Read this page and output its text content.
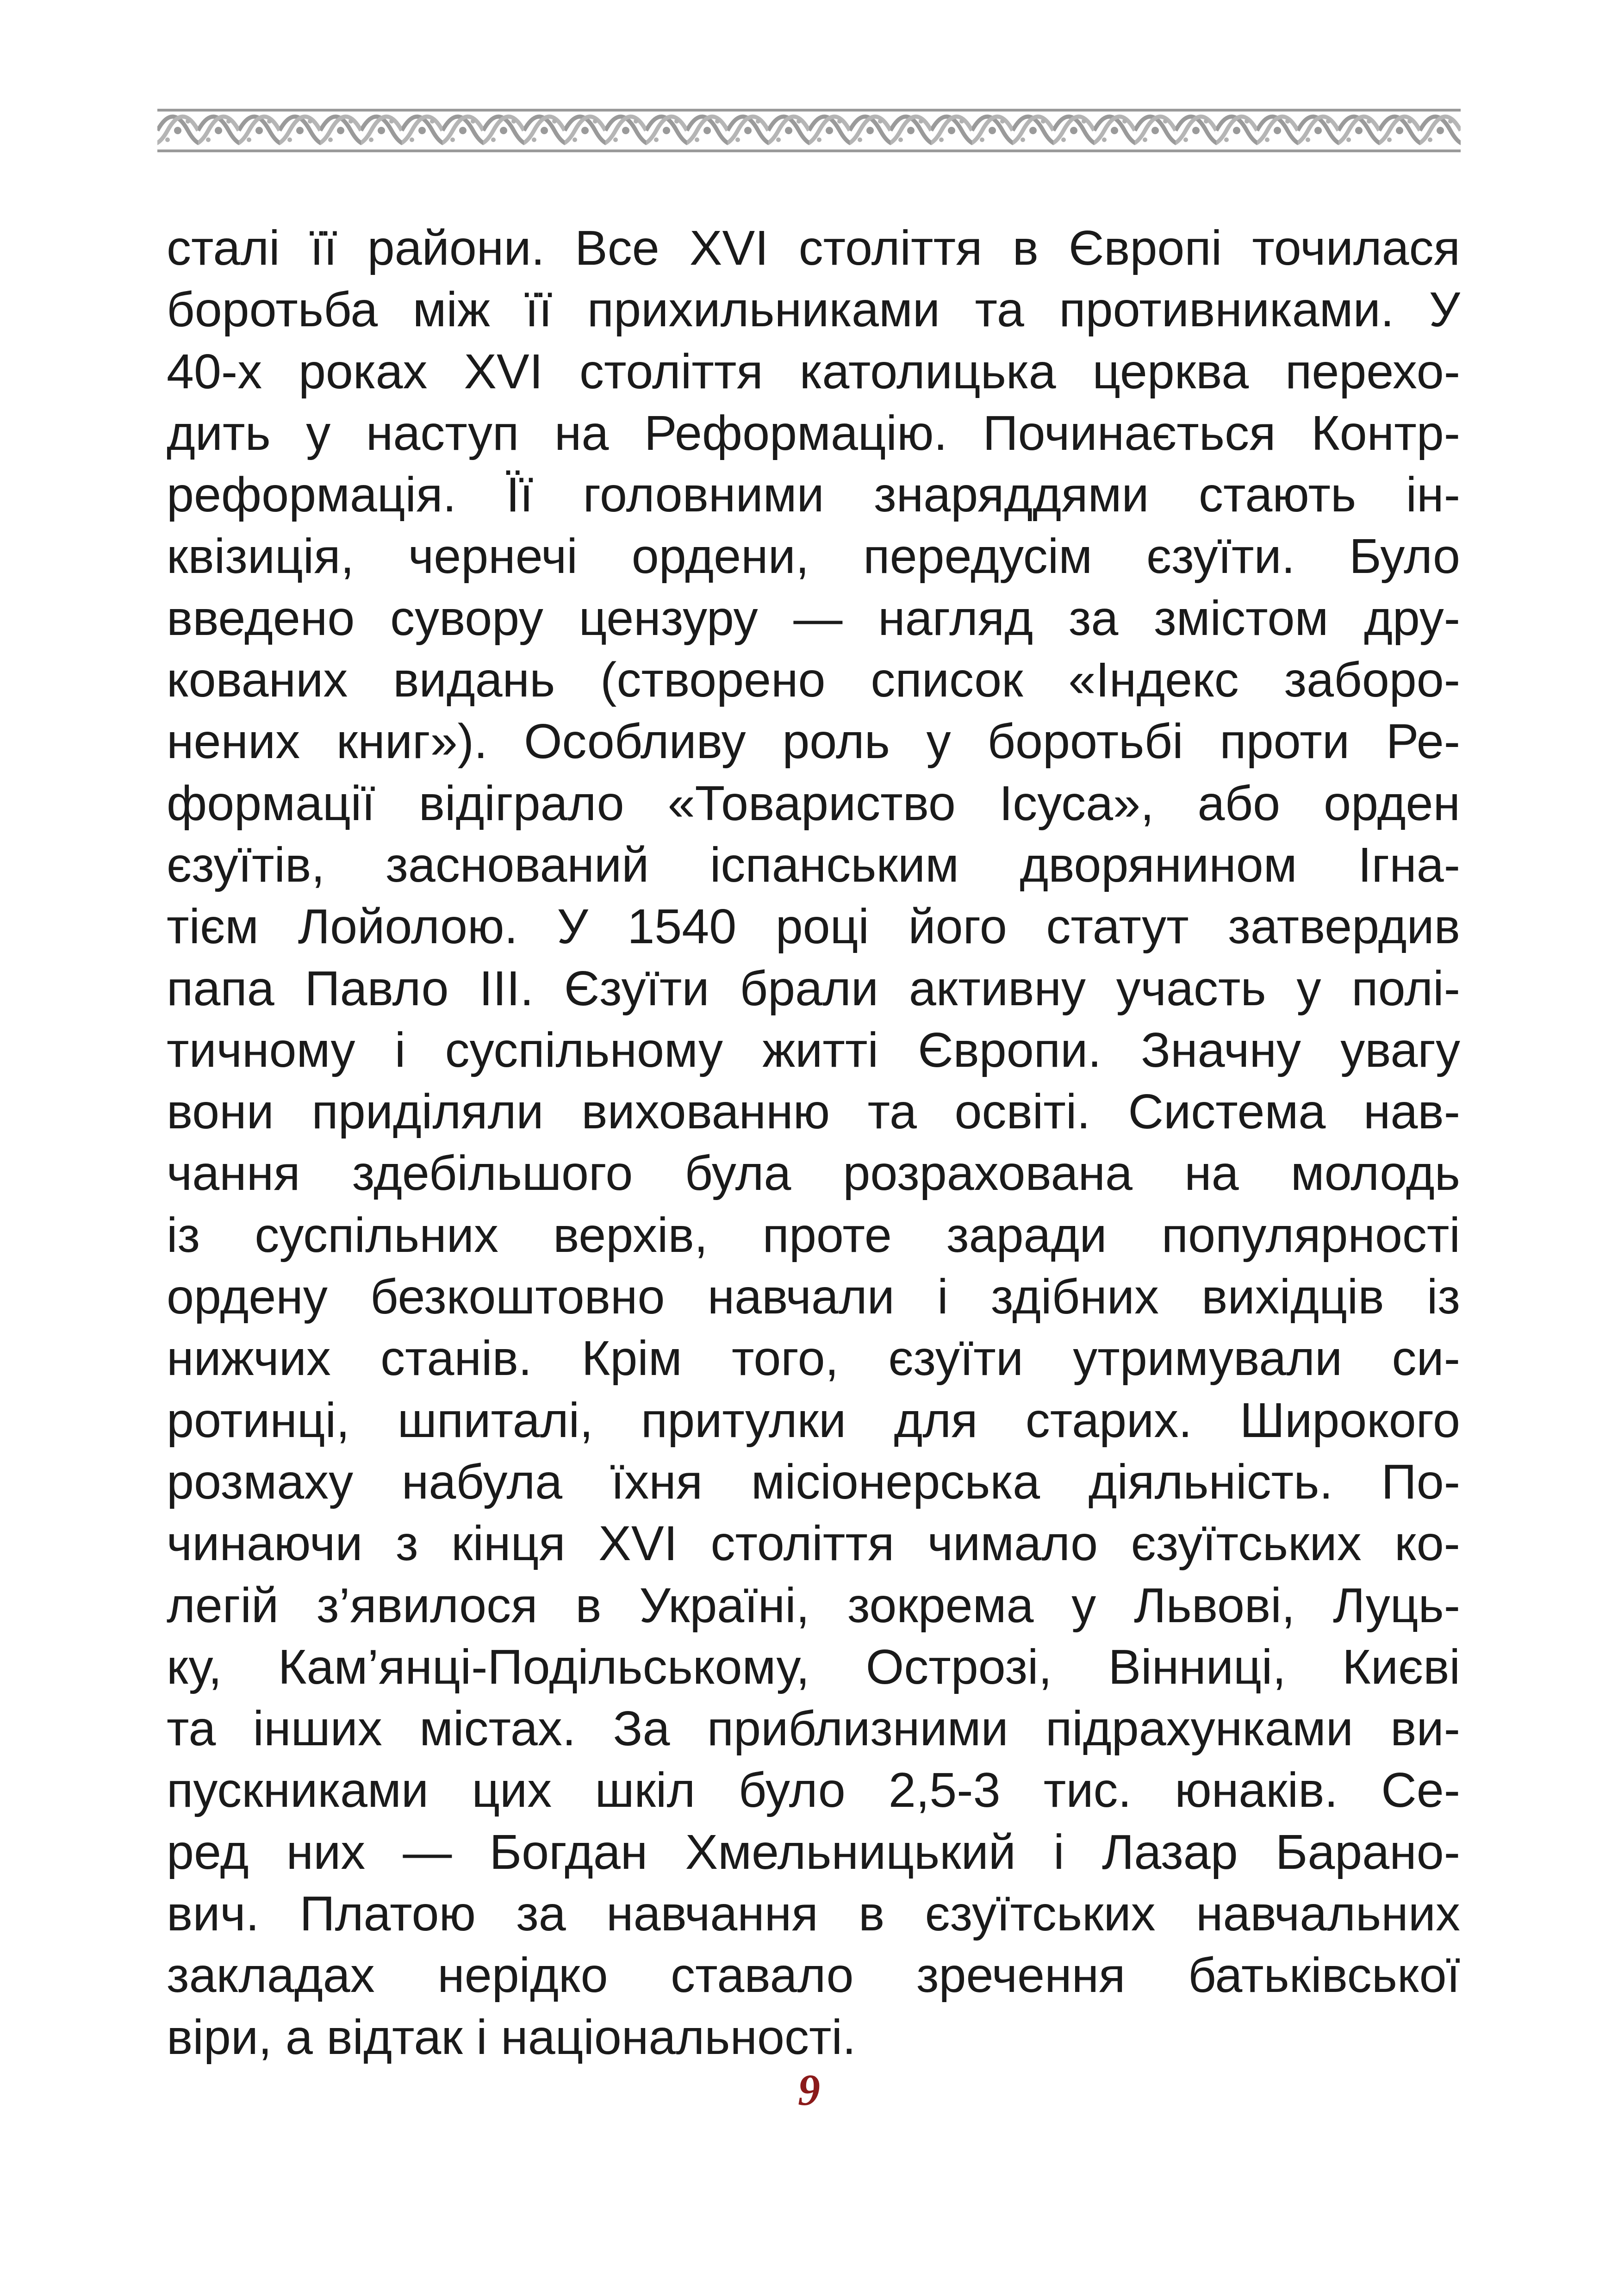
сталі її райони. Все XVI століття в Європі точилася
боротьба між її прихильниками та противниками. У
40-х роках XVI століття католицька церква перехо-
дить у наступ на Реформацію. Починається Контр-
реформація. Її головними знаряддями стають ін-
квізиція, чернечі ордени, передусім єзуїти. Було
введено сувору цензуру — нагляд за змістом дру-
кованих видань (створено список «Індекс заборо-
нених книг»). Особливу роль у боротьбі проти Ре-
формації відіграло «Товариство Ісуса», або орден
єзуїтів, заснований іспанським дворянином Ігна-
тієм Лойолою. У 1540 році його статут затвердив
папа Павло III. Єзуїти брали активну участь у полі-
тичному і суспільному житті Європи. Значну увагу
вони приділяли вихованню та освіті. Система нав-
чання здебільшого була розрахована на молодь
із суспільних верхів, проте заради популярності
ордену безкоштовно навчали і здібних вихідців із
нижчих станів. Крім того, єзуїти утримували си-
ротинці, шпиталі, притулки для старих. Широкого
розмаху набула їхня місіонерська діяльність. По-
чинаючи з кінця XVI століття чимало єзуїтських ко-
легій з’явилося в Україні, зокрема у Львові, Луць-
ку, Кам’янці-Подільському, Острозі, Вінниці, Києві
та інших містах. За приблизними підрахунками ви-
пускниками цих шкіл було 2,5-3 тис. юнаків. Се-
ред них — Богдан Хмельницький і Лазар Барано-
вич. Платою за навчання в єзуїтських навчальних
закладах нерідко ставало зречення батьківської
віри, а відтак і національності.
9
